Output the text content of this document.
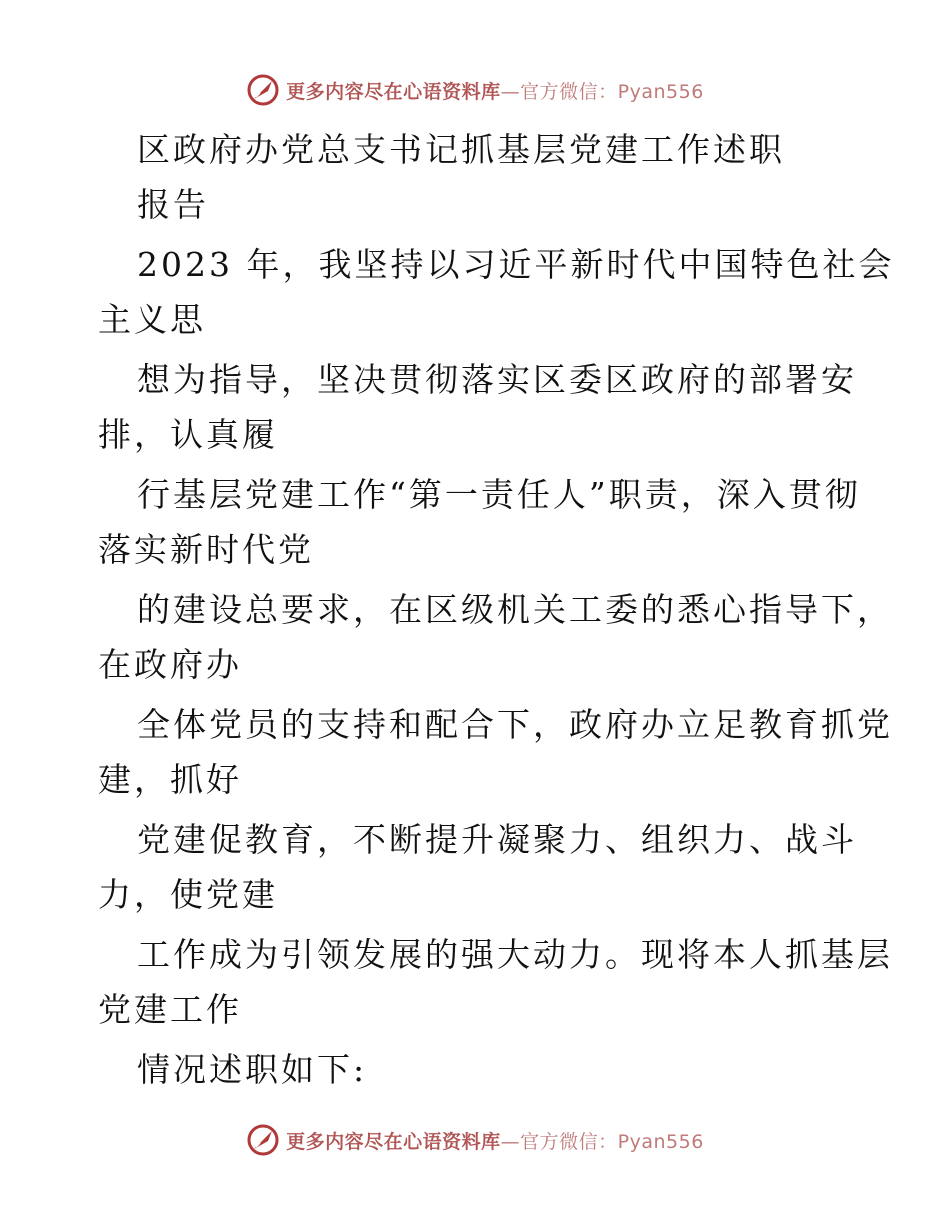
更多内容尽在心语资料库—官方微信：Pyan556
区政府办党总支书记抓基层党建工作述职
报告
2023 年，我坚持以习近平新时代中国特色社会
主义思
想为指导，坚决贯彻落实区委区政府的部署安
排，认真履
行基层党建工作“第一责任人”职责，深入贯彻
落实新时代党
的建设总要求，在区级机关工委的悉心指导下，
在政府办
全体党员的支持和配合下，政府办立足教育抓党
建，抓好
党建促教育，不断提升凝聚力、组织力、战斗
力，使党建
工作成为引领发展的强大动力。现将本人抓基层
党建工作
情况述职如下:
更多内容尽在心语资料库—官方微信：Pyan556
